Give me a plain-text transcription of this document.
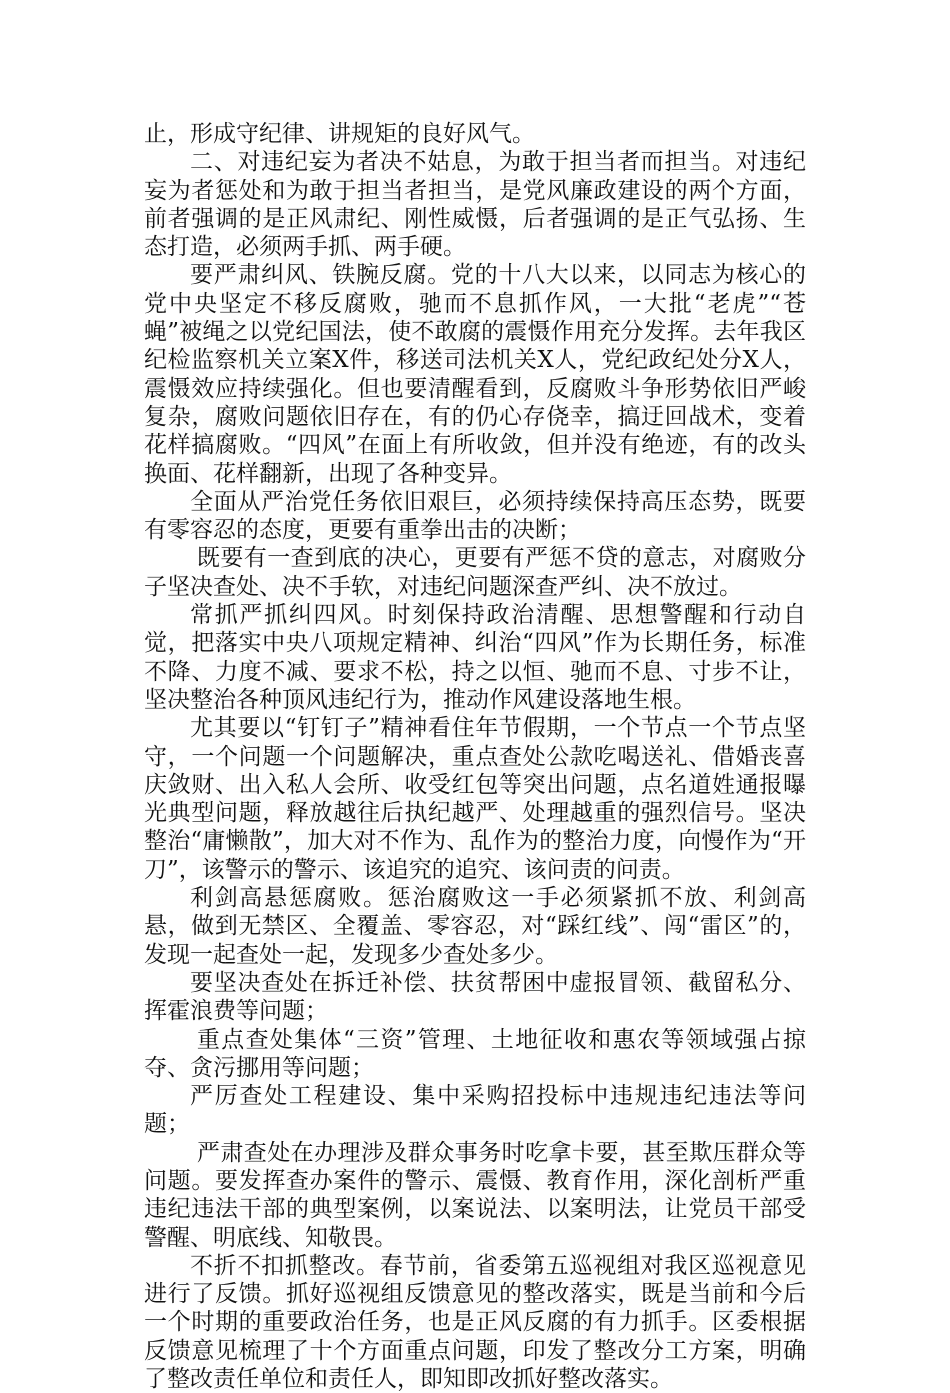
止，形成守纪律、讲规矩的良好风气。

二、对违纪妄为者决不姑息，为敢于担当者而担当。对违纪妄为者惩处和为敢于担当者担当，是党风廉政建设的两个方面，前者强调的是正风肃纪、刚性威慑，后者强调的是正气弘扬、生态打造，必须两手抓、两手硬。

要严肃纠风、铁腕反腐。党的十八大以来，以同志为核心的党中央坚定不移反腐败，驰而不息抓作风，一大批“老虎”“苍蝇”被绳之以党纪国法，使不敢腐的震慑作用充分发挥。去年我区纪检监察机关立案X件，移送司法机关X人，党纪政纪处分X人，震慑效应持续强化。但也要清醒看到，反腐败斗争形势依旧严峻复杂，腐败问题依旧存在，有的仍心存侥幸，搞迂回战术，变着花样搞腐败。“四风”在面上有所收敛，但并没有绝迹，有的改头换面、花样翻新，出现了各种变异。

全面从严治党任务依旧艰巨，必须持续保持高压态势，既要有零容忍的态度，更要有重拳出击的决断；

既要有一查到底的决心，更要有严惩不贷的意志，对腐败分子坚决查处、决不手软，对违纪问题深查严纠、决不放过。

常抓严抓纠四风。时刻保持政治清醒、思想警醒和行动自觉，把落实中央八项规定精神、纠治“四风”作为长期任务，标准不降、力度不减、要求不松，持之以恒、驰而不息、寸步不让，坚决整治各种顶风违纪行为，推动作风建设落地生根。

尤其要以“钉钉子”精神看住年节假期，一个节点一个节点坚守，一个问题一个问题解决，重点查处公款吃喝送礼、借婚丧喜庆敛财、出入私人会所、收受红包等突出问题，点名道姓通报曝光典型问题，释放越往后执纪越严、处理越重的强烈信号。坚决整治“庸懒散”，加大对不作为、乱作为的整治力度，向慢作为“开刀”，该警示的警示、该追究的追究、该问责的问责。

利剑高悬惩腐败。惩治腐败这一手必须紧抓不放、利剑高悬，做到无禁区、全覆盖、零容忍，对“踩红线”、闯“雷区”的，发现一起查处一起，发现多少查处多少。

要坚决查处在拆迁补偿、扶贫帮困中虚报冒领、截留私分、挥霍浪费等问题；

重点查处集体“三资”管理、土地征收和惠农等领域强占掠夺、贪污挪用等问题；

严厉查处工程建设、集中采购招投标中违规违纪违法等问题；

严肃查处在办理涉及群众事务时吃拿卡要，甚至欺压群众等问题。要发挥查办案件的警示、震慑、教育作用，深化剖析严重违纪违法干部的典型案例，以案说法、以案明法，让党员干部受警醒、明底线、知敬畏。

不折不扣抓整改。春节前，省委第五巡视组对我区巡视意见进行了反馈。抓好巡视组反馈意见的整改落实，既是当前和今后一个时期的重要政治任务，也是正风反腐的有力抓手。区委根据反馈意见梳理了十个方面重点问题，印发了整改分工方案，明确了整改责任单位和责任人，即知即改抓好整改落实。
